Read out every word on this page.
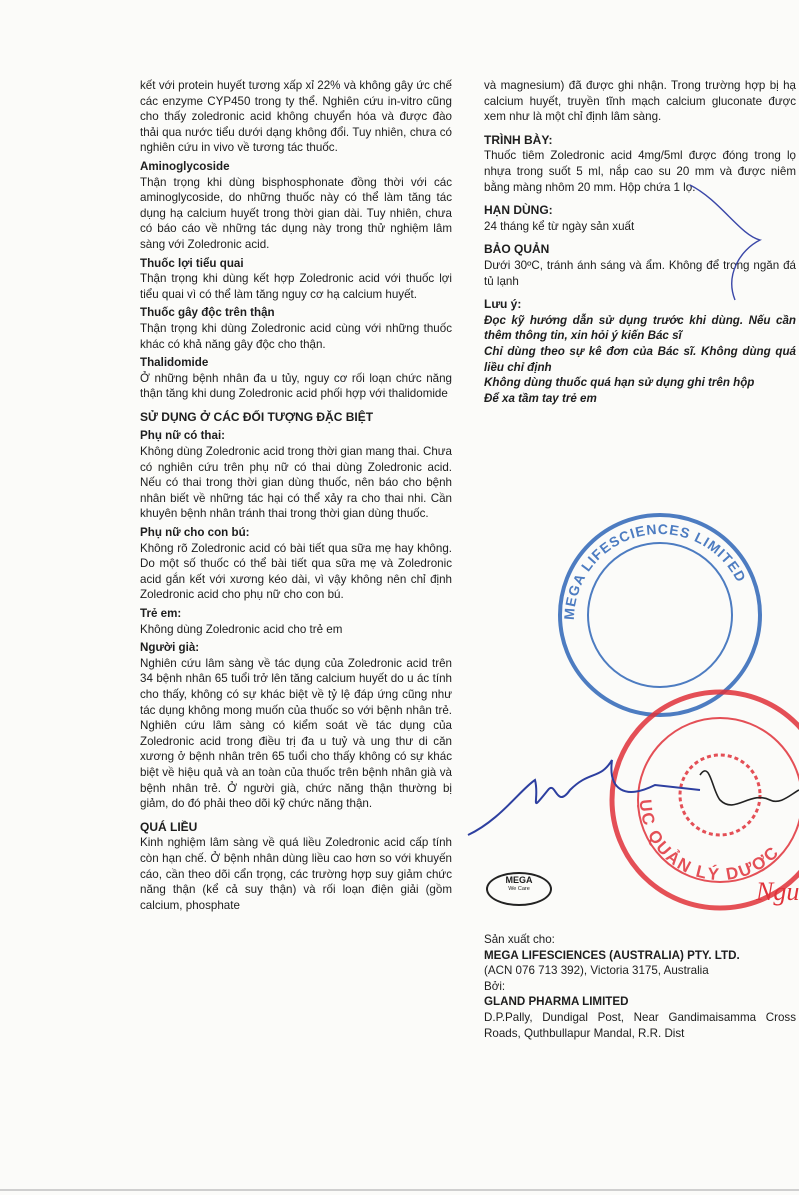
kết với protein huyết tương xấp xỉ 22% và không gây ức chế các enzyme CYP450 trong ty thể. Nghiên cứu in-vitro cũng cho thấy zoledronic acid không chuyển hóa và được đào thải qua nước tiểu dưới dạng không đổi. Tuy nhiên, chưa có nghiên cứu in vivo về tương tác thuốc.

Aminoglycoside

Thận trọng khi dùng bisphosphonate đồng thời với các aminoglycoside, do những thuốc này có thể làm tăng tác dụng hạ calcium huyết trong thời gian dài. Tuy nhiên, chưa có báo cáo về những tác dụng này trong thử nghiệm lâm sàng với Zoledronic acid.

Thuốc lợi tiểu quai

Thận trọng khi dùng kết hợp Zoledronic acid với thuốc lợi tiểu quai vì có thể làm tăng nguy cơ hạ calcium huyết.

Thuốc gây độc trên thận

Thận trọng khi dùng Zoledronic acid cùng với những thuốc khác có khả năng gây độc cho thận.

Thalidomide

Ở những bệnh nhân đa u tủy, nguy cơ rối loạn chức năng thận tăng khi dung Zoledronic acid phối hợp với thalidomide

SỬ DỤNG Ở CÁC ĐỐI TƯỢNG ĐẶC BIỆT

Phụ nữ có thai:

Không dùng Zoledronic acid trong thời gian mang thai. Chưa có nghiên cứu trên phụ nữ có thai dùng Zoledronic acid. Nếu có thai trong thời gian dùng thuốc, nên báo cho bệnh nhân biết về những tác hại có thể xảy ra cho thai nhi. Cần khuyên bệnh nhân tránh thai trong thời gian dùng thuốc.

Phụ nữ cho con bú:

Không rõ Zoledronic acid có bài tiết qua sữa mẹ hay không. Do một số thuốc có thể bài tiết qua sữa mẹ và Zoledronic acid gắn kết với xương kéo dài, vì vậy không nên chỉ định Zoledronic acid cho phụ nữ cho con bú.

Trẻ em:

Không dùng Zoledronic acid cho trẻ em

Người già:

Nghiên cứu lâm sàng về tác dụng của Zoledronic acid trên 34 bệnh nhân 65 tuổi trở lên tăng calcium huyết do u ác tính cho thấy, không có sự khác biệt về tỷ lệ đáp ứng cũng như tác dụng không mong muốn của thuốc so với bệnh nhân trẻ. Nghiên cứu lâm sàng có kiểm soát về tác dụng của Zoledronic acid trong điều trị đa u tuỷ và ung thư di căn xương ở bệnh nhân trên 65 tuổi cho thấy không có sự khác biệt về hiệu quả và an toàn của thuốc trên bệnh nhân già và bệnh nhân trẻ. Ở người già, chức năng thận thường bị giảm, do đó phải theo dõi kỹ chức năng thận.

QUÁ LIỀU

Kinh nghiệm lâm sàng về quá liều Zoledronic acid cấp tính còn hạn chế. Ở bệnh nhân dùng liều cao hơn so với khuyến cáo, cần theo dõi cẩn trọng, các trường hợp suy giảm chức năng thận (kể cả suy thận) và rối loạn điện giải (gồm calcium, phosphate

và magnesium) đã được ghi nhận. Trong trường hợp bị hạ calcium huyết, truyền tĩnh mạch calcium gluconate được xem như là một chỉ định lâm sàng.

TRÌNH BÀY:

Thuốc tiêm Zoledronic acid 4mg/5ml được đóng trong lọ nhựa trong suốt 5 ml, nắp cao su 20 mm và được niêm bằng màng nhôm 20 mm. Hộp chứa 1 lọ.

HẠN DÙNG:

24 tháng kể từ ngày sản xuất

BẢO QUẢN

Dưới 30ºC, tránh ánh sáng và ẩm. Không để trong ngăn đá tủ lạnh

Lưu ý:

Đọc kỹ hướng dẫn sử dụng trước khi dùng. Nếu cần thêm thông tin, xin hỏi ý kiến Bác sĩ

Chỉ dùng theo sự kê đơn của Bác sĩ. Không dùng quá liều chỉ định

Không dùng thuốc quá hạn sử dụng ghi trên hộp

Để xa tầm tay trẻ em

MEGA LIFESCIENCES LIMITED
ỤC QUẢN LÝ DƯỢC
Ngu
MEGA
We Care

Sản xuất cho:

MEGA LIFESCIENCES (AUSTRALIA) PTY. LTD.

(ACN 076 713 392), Victoria 3175, Australia

Bởi:

GLAND PHARMA LIMITED

D.P.Pally, Dundigal Post, Near Gandimaisamma Cross Roads, Quthbullapur Mandal, R.R. Dist
